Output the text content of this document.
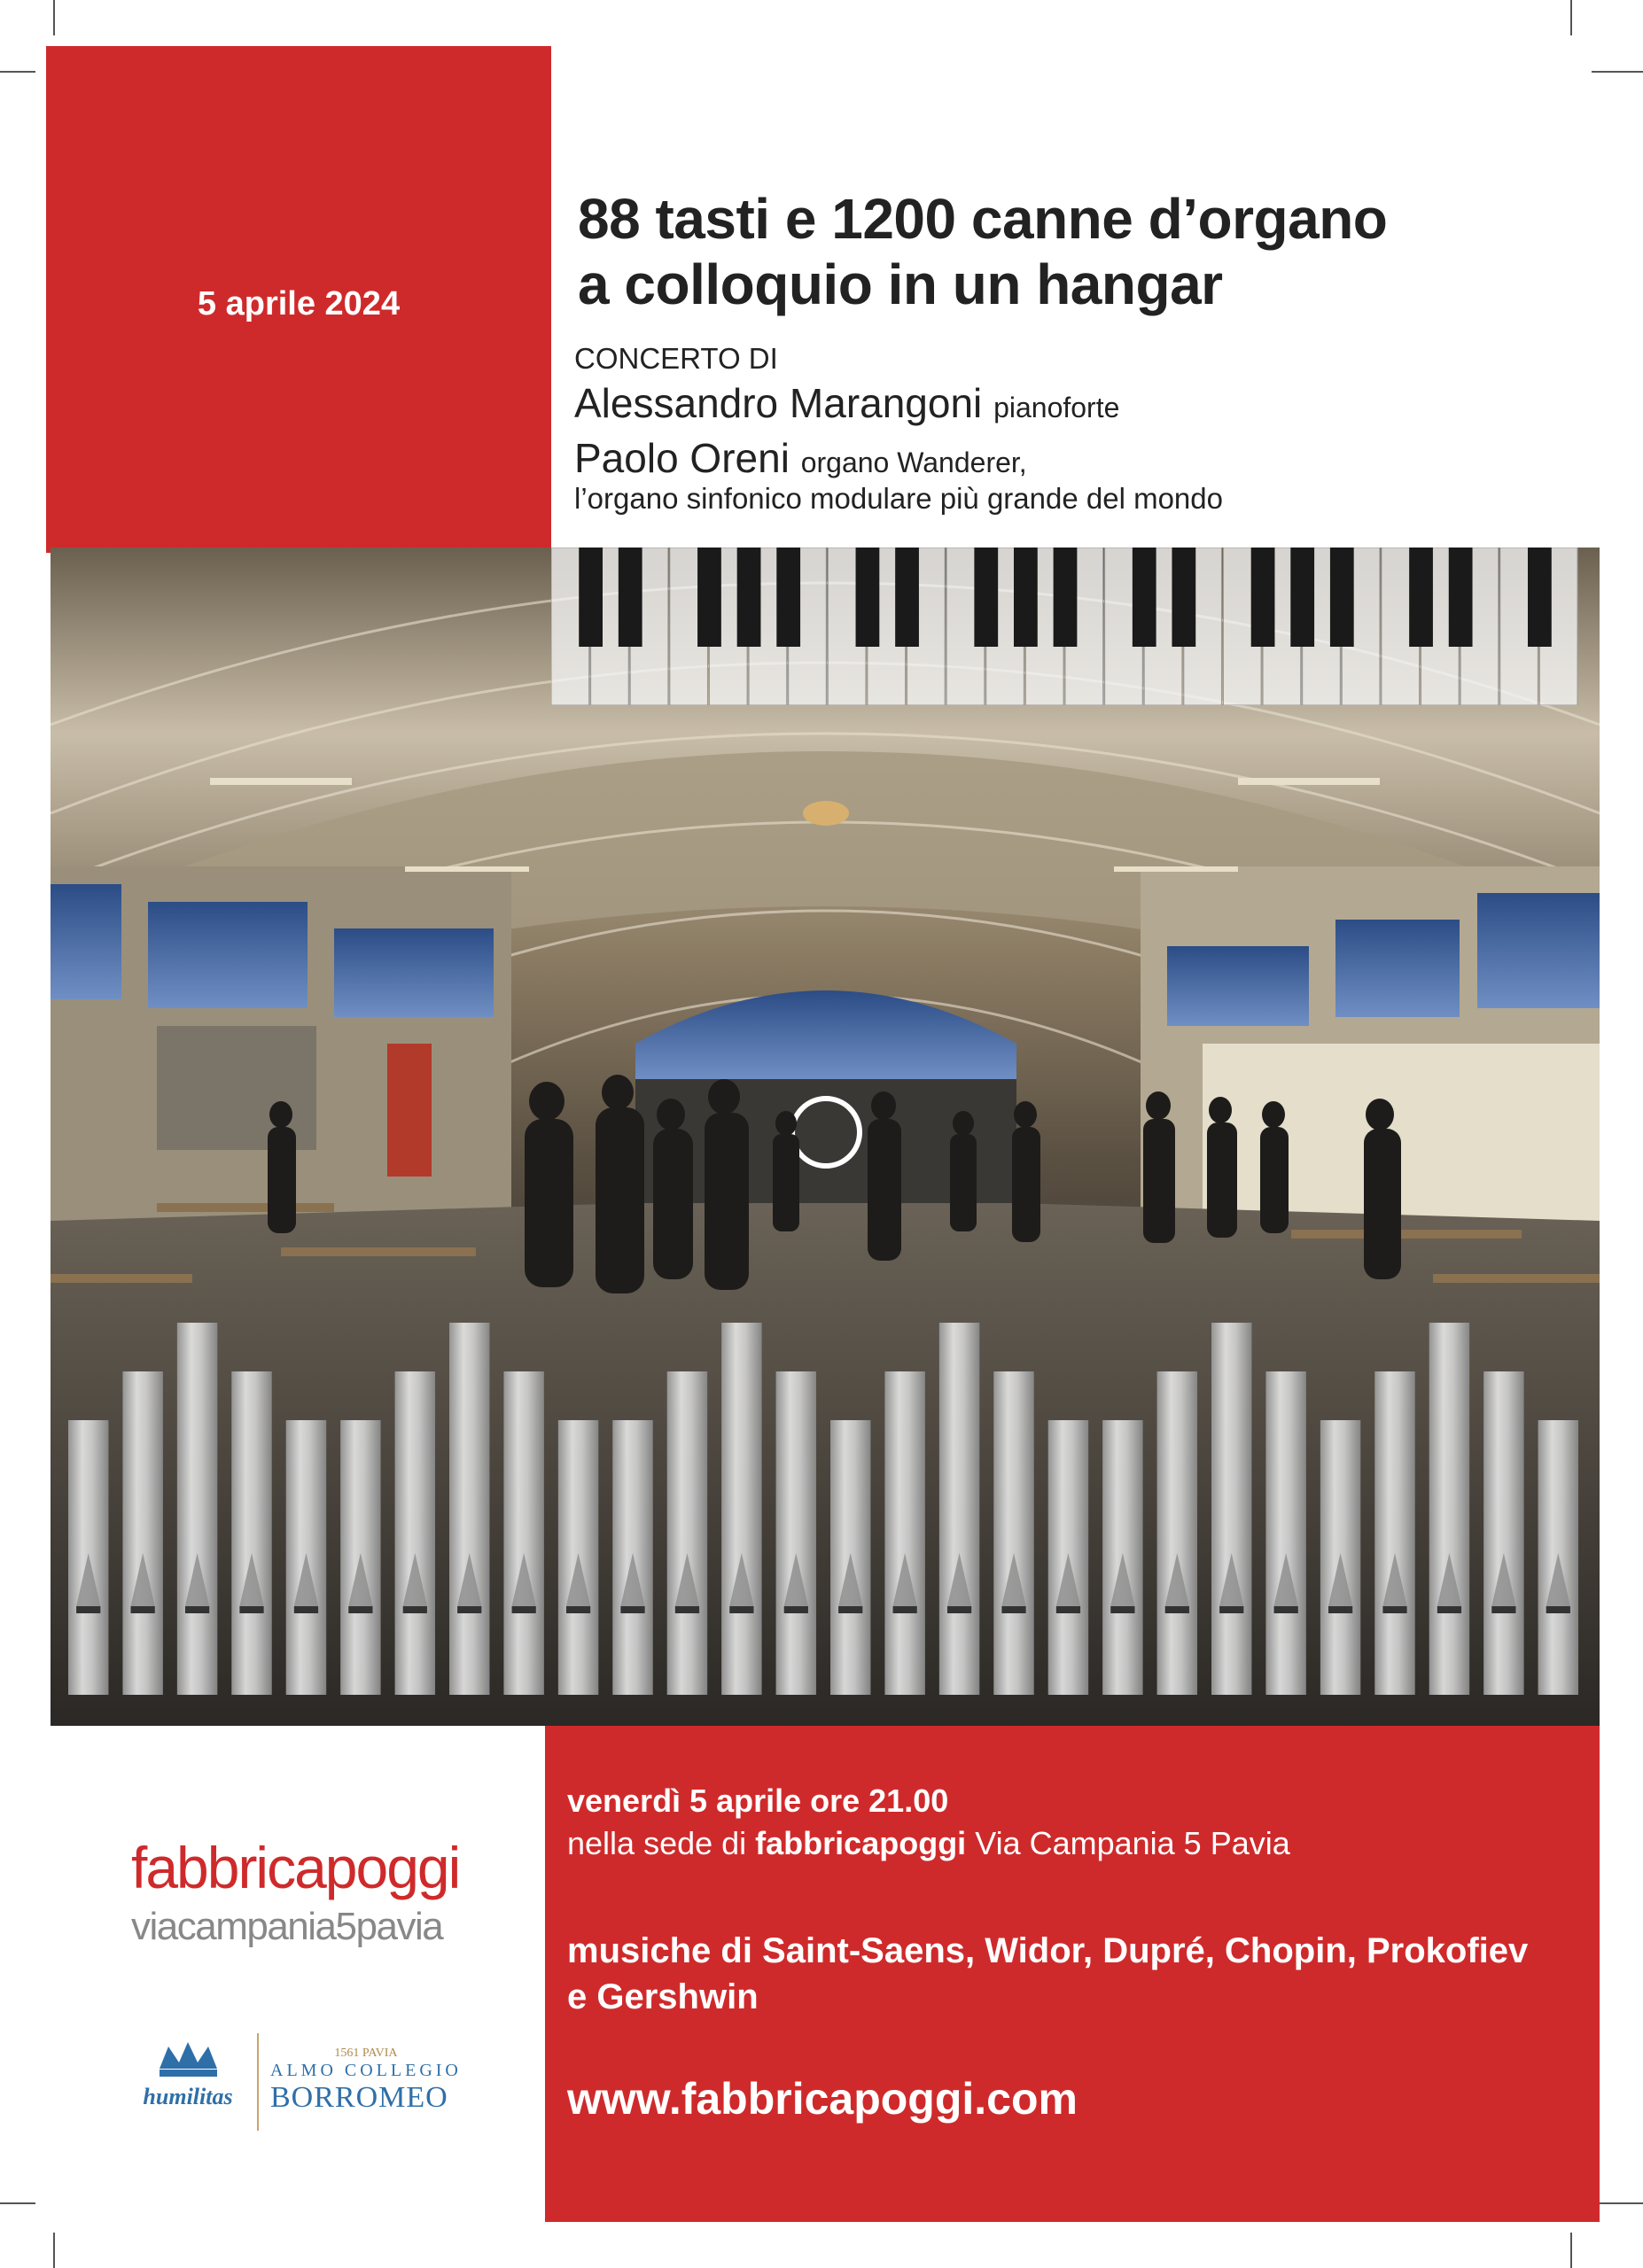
5 aprile 2024
88 tasti e 1200 canne d’organo
a colloquio in un hangar
CONCERTO DI
Alessandro Marangoni pianoforte
Paolo Oreni organo Wanderer,
l’organo sinfonico modulare più grande del mondo
venerdì 5 aprile ore 21.00
nella sede di fabbricapoggi Via Campania 5 Pavia
musiche di Saint-Saens, Widor, Dupré, Chopin, Prokofiev e Gershwin
www.fabbricapoggi.com
fabbricapoggi
viacampania5pavia
humilitas
1561 PAVIA
ALMO COLLEGIO
BORROMEO
